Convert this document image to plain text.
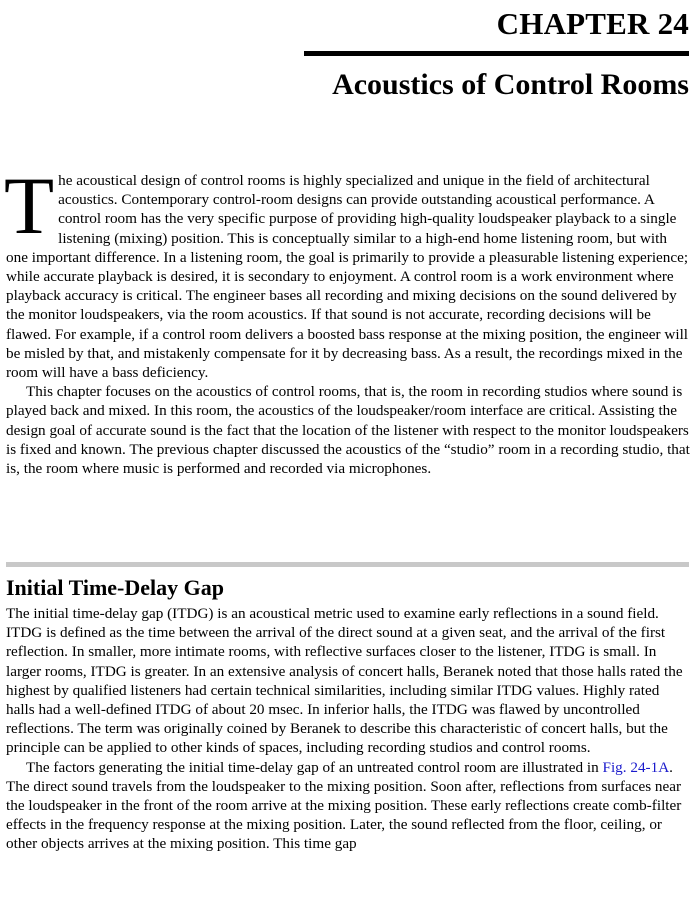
CHAPTER 24
Acoustics of Control Rooms

The acoustical design of control rooms is highly specialized and unique in the field of architectural acoustics. Contemporary control-room designs can provide outstanding acoustical performance. A control room has the very specific purpose of providing high-quality loudspeaker playback to a single listening (mixing) position. This is conceptually similar to a high-end home listening room, but with one important difference. In a listening room, the goal is primarily to provide a pleasurable listening experience; while accurate playback is desired, it is secondary to enjoyment. A control room is a work environment where playback accuracy is critical. The engineer bases all recording and mixing decisions on the sound delivered by the monitor loudspeakers, via the room acoustics. If that sound is not accurate, recording decisions will be flawed. For example, if a control room delivers a boosted bass response at the mixing position, the engineer will be misled by that, and mistakenly compensate for it by decreasing bass. As a result, the recordings mixed in the room will have a bass deficiency.

This chapter focuses on the acoustics of control rooms, that is, the room in recording studios where sound is played back and mixed. In this room, the acoustics of the loudspeaker/room interface are critical. Assisting the design goal of accurate sound is the fact that the location of the listener with respect to the monitor loudspeakers is fixed and known. The previous chapter discussed the acoustics of the “studio” room in a recording studio, that is, the room where music is performed and recorded via microphones.

Initial Time-Delay Gap

The initial time-delay gap (ITDG) is an acoustical metric used to examine early reflections in a sound field. ITDG is defined as the time between the arrival of the direct sound at a given seat, and the arrival of the first reflection. In smaller, more intimate rooms, with reflective surfaces closer to the listener, ITDG is small. In larger rooms, ITDG is greater. In an extensive analysis of concert halls, Beranek noted that those halls rated the highest by qualified listeners had certain technical similarities, including similar ITDG values. Highly rated halls had a well-defined ITDG of about 20 msec. In inferior halls, the ITDG was flawed by uncontrolled reflections. The term was originally coined by Beranek to describe this characteristic of concert halls, but the principle can be applied to other kinds of spaces, including recording studios and control rooms.

The factors generating the initial time-delay gap of an untreated control room are illustrated in Fig. 24-1A. The direct sound travels from the loudspeaker to the mixing position. Soon after, reflections from surfaces near the loudspeaker in the front of the room arrive at the mixing position. These early reflections create comb-filter effects in the frequency response at the mixing position. Later, the sound reflected from the floor, ceiling, or other objects arrives at the mixing position. This time gap
